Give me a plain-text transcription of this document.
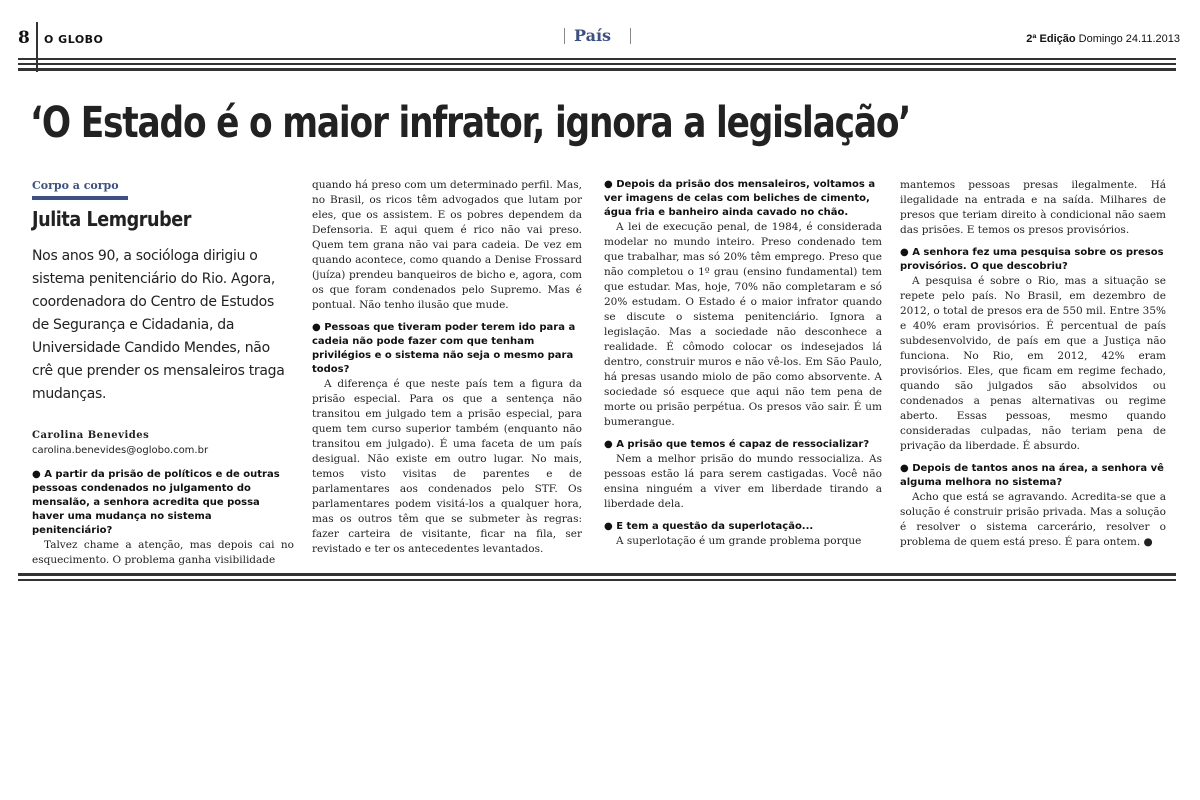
8 O GLOBO	País	2ª Edição Domingo 24.11.2013
‘O Estado é o maior infrator, ignora a legislação’
Corpo a corpo
Julita Lemgruber
Nos anos 90, a socióloga dirigiu o sistema penitenciário do Rio. Agora, coordenadora do Centro de Estudos de Segurança e Cidadania, da Universidade Candido Mendes, não crê que prender os mensaleiros traga mudanças.
Carolina Benevides
carolina.benevides@oglobo.com.br

● A partir da prisão de políticos e de outras pessoas condenados no julgamento do mensalão, a senhora acredita que possa haver uma mudança no sistema penitenciário?

Talvez chame a atenção, mas depois cai no esquecimento. O problema ganha visibilidade

quando há preso com um determinado perfil. Mas, no Brasil, os ricos têm advogados que lutam por eles, que os assistem. E os pobres dependem da Defensoria. E aqui quem é rico não vai preso. Quem tem grana não vai para cadeia. De vez em quando acontece, como quando a Denise Frossard (juíza) prendeu banqueiros de bicho e, agora, com os que foram condenados pelo Supremo. Mas é pontual. Não tenho ilusão que mude.

● Pessoas que tiveram poder terem ido para a cadeia não pode fazer com que tenham privilégios e o sistema não seja o mesmo para todos?

A diferença é que neste país tem a figura da prisão especial. Para os que a sentença não transitou em julgado tem a prisão especial, para quem tem curso superior também (enquanto não transitou em julgado). É uma faceta de um país desigual. Não existe em outro lugar. No mais, temos visto visitas de parentes e de parlamentares aos condenados pelo STF. Os parlamentares podem visitá-los a qualquer hora, mas os outros têm que se submeter às regras: fazer carteira de visitante, ficar na fila, ser revistado e ter os antecedentes levantados.

● Depois da prisão dos mensaleiros, voltamos a ver imagens de celas com beliches de cimento, água fria e banheiro ainda cavado no chão.

A lei de execução penal, de 1984, é considerada modelar no mundo inteiro. Preso condenado tem que trabalhar, mas só 20% têm emprego. Preso que não completou o 1º grau (ensino fundamental) tem que estudar. Mas, hoje, 70% não completaram e só 20% estudam. O Estado é o maior infrator quando se discute o sistema penitenciário. Ignora a legislação. Mas a sociedade não desconhece a realidade. É cômodo colocar os indesejados lá dentro, construir muros e não vê-los. Em São Paulo, há presas usando miolo de pão como absorvente. A sociedade só esquece que aqui não tem pena de morte ou prisão perpétua. Os presos vão sair. É um bumerangue.

● A prisão que temos é capaz de ressocializar?

Nem a melhor prisão do mundo ressocializa. As pessoas estão lá para serem castigadas. Você não ensina ninguém a viver em liberdade tirando a liberdade dela.

● E tem a questão da superlotação...

A superlotação é um grande problema porque

mantemos pessoas presas ilegalmente. Há ilegalidade na entrada e na saída. Milhares de presos que teriam direito à condicional não saem das prisões. E temos os presos provisórios.

● A senhora fez uma pesquisa sobre os presos provisórios. O que descobriu?

A pesquisa é sobre o Rio, mas a situação se repete pelo país. No Brasil, em dezembro de 2012, o total de presos era de 550 mil. Entre 35% e 40% eram provisórios. É percentual de país subdesenvolvido, de país em que a Justiça não funciona. No Rio, em 2012, 42% eram provisórios. Eles, que ficam em regime fechado, quando são julgados são absolvidos ou condenados a penas alternativas ou regime aberto. Essas pessoas, mesmo quando consideradas culpadas, não teriam pena de privação da liberdade. É absurdo.

● Depois de tantos anos na área, a senhora vê alguma melhora no sistema?

Acho que está se agravando. Acredita-se que a solução é construir prisão privada. Mas a solução é resolver o sistema carcerário, resolver o problema de quem está preso. É para ontem. ●
